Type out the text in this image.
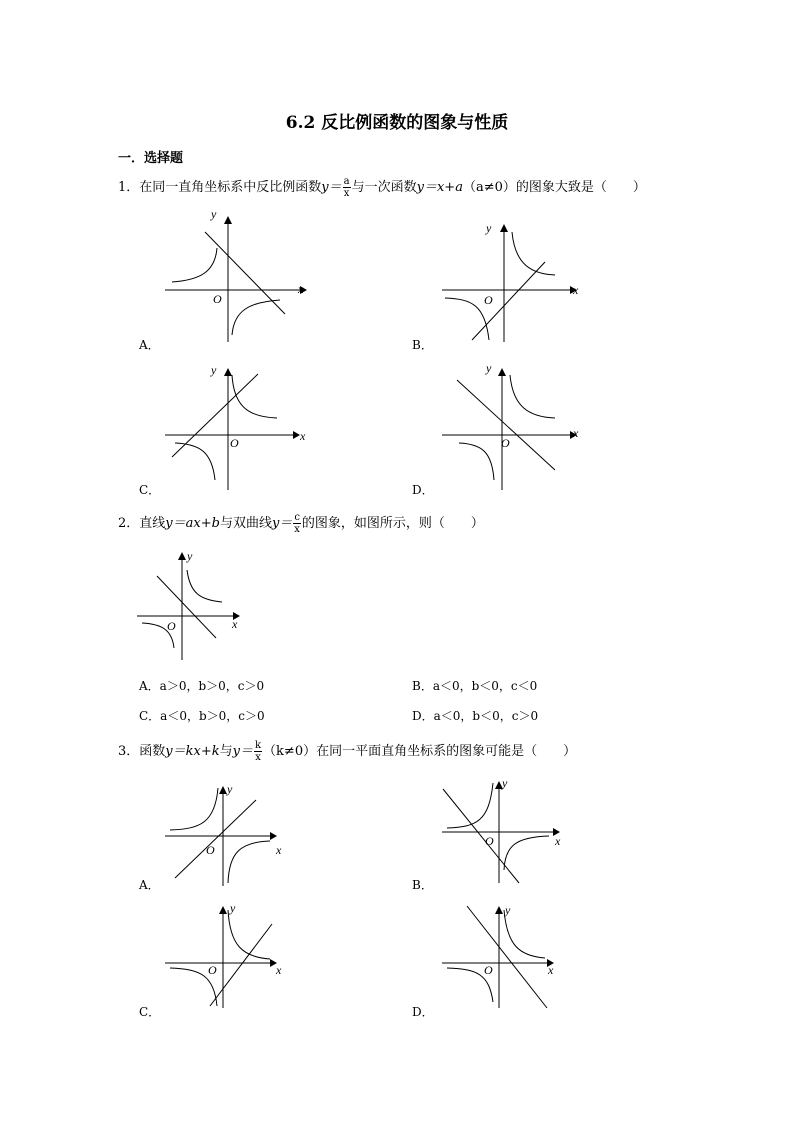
6.2 反比例函数的图象与性质
一．选择题
1．在同一直角坐标系中反比例函数$y= \frac{a}{x}$ 与一次函数y＝x+a（a≠0）的图象大致是（　　）
y
x
O
A．
y
x
O
B．
y
x
O
C．
y
x
O
D．
2．直线y＝ax+b与双曲线$y= \frac{c}{x}$ 的图象，如图所示，则（　　）
y
x
O
A．a＞0，b＞0，c＞0	B．a＜0，b＜0，c＜0
C．a＜0，b＞0，c＞0	D．a＜0，b＜0，c＞0
3．函数y＝kx+k与$y= \frac{k}{x} (k\ne 0)$在同一平面直角坐标系的图象可能是（　　）
y
x
O
A．
y
x
O
B．
y
x
O
C．
y
x
O
D．
